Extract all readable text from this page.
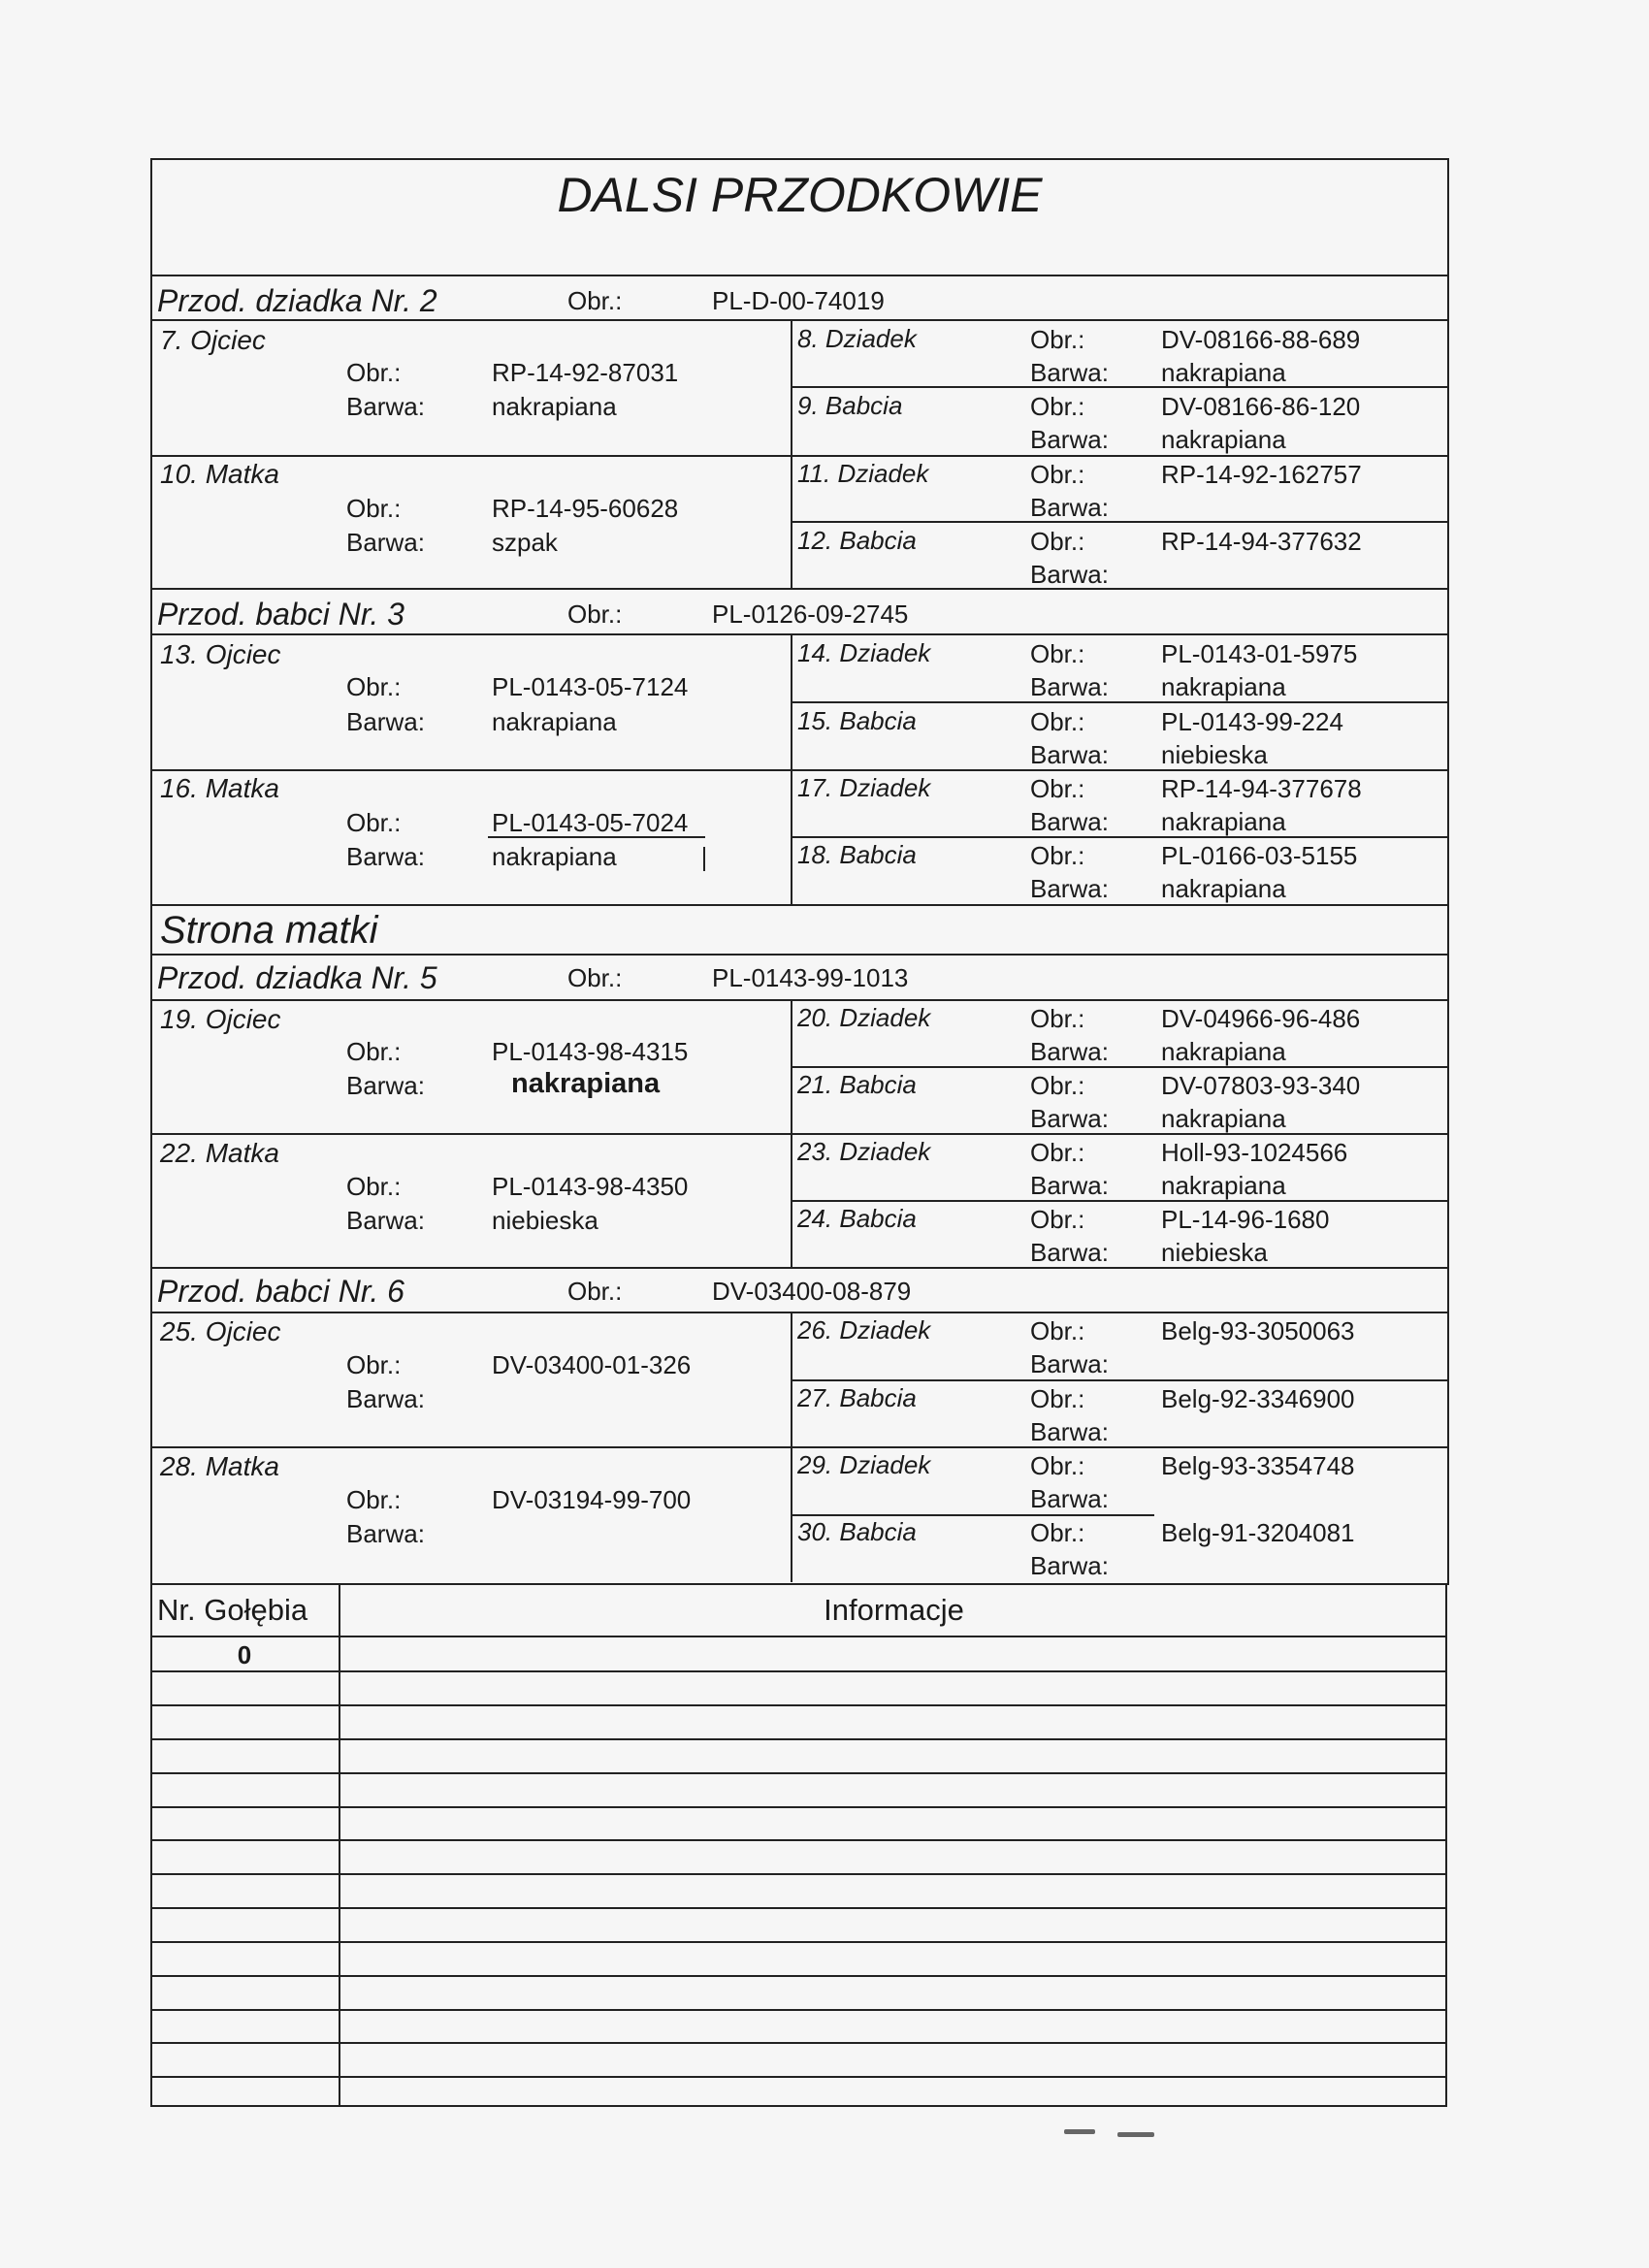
DALSI PRZODKOWIE
Przod. dziadka Nr. 2	Obr.:	PL-D-00-74019
7. Ojciec
Obr.:	RP-14-92-87031
Barwa:	nakrapiana
8. Dziadek	Obr.:	DV-08166-88-689
Barwa: nakrapiana
9. Babcia	Obr.:	DV-08166-86-120
Barwa: nakrapiana
10. Matka
Obr.:	RP-14-95-60628
Barwa:	szpak
11. Dziadek	Obr.:	RP-14-92-162757
Barwa:
12. Babcia	Obr.:	RP-14-94-377632
Barwa:
Przod. babci Nr. 3	Obr.:	PL-0126-09-2745
13. Ojciec
Obr.:	PL-0143-05-7124
Barwa:	nakrapiana
14. Dziadek	Obr.:	PL-0143-01-5975
Barwa: nakrapiana
15. Babcia	Obr.:	PL-0143-99-224
Barwa: niebieska
16. Matka
Obr.:	PL-0143-05-7024
Barwa:	nakrapiana
17. Dziadek	Obr.:	RP-14-94-377678
Barwa: nakrapiana
18. Babcia	Obr.:	PL-0166-03-5155
Barwa: nakrapiana
Strona matki
Przod. dziadka Nr. 5	Obr.:	PL-0143-99-1013
19. Ojciec
Obr.:	PL-0143-98-4315
Barwa:	nakrapiana
20. Dziadek	Obr.:	DV-04966-96-486
Barwa: nakrapiana
21. Babcia	Obr.:	DV-07803-93-340
Barwa: nakrapiana
22. Matka
Obr.:	PL-0143-98-4350
Barwa:	niebieska
23. Dziadek	Obr.:	Holl-93-1024566
Barwa: nakrapiana
24. Babcia	Obr.:	PL-14-96-1680
Barwa: niebieska
Przod. babci Nr. 6	Obr.:	DV-03400-08-879
25. Ojciec
Obr.:	DV-03400-01-326
Barwa:
26. Dziadek	Obr.:	Belg-93-3050063
Barwa:
27. Babcia	Obr.:	Belg-92-3346900
Barwa:
28. Matka
Obr.:	DV-03194-99-700
Barwa:
29. Dziadek	Obr.:	Belg-93-3354748
Barwa:
30. Babcia	Obr.:	Belg-91-3204081
Barwa:
Nr. Gołębia	Informacje
0
